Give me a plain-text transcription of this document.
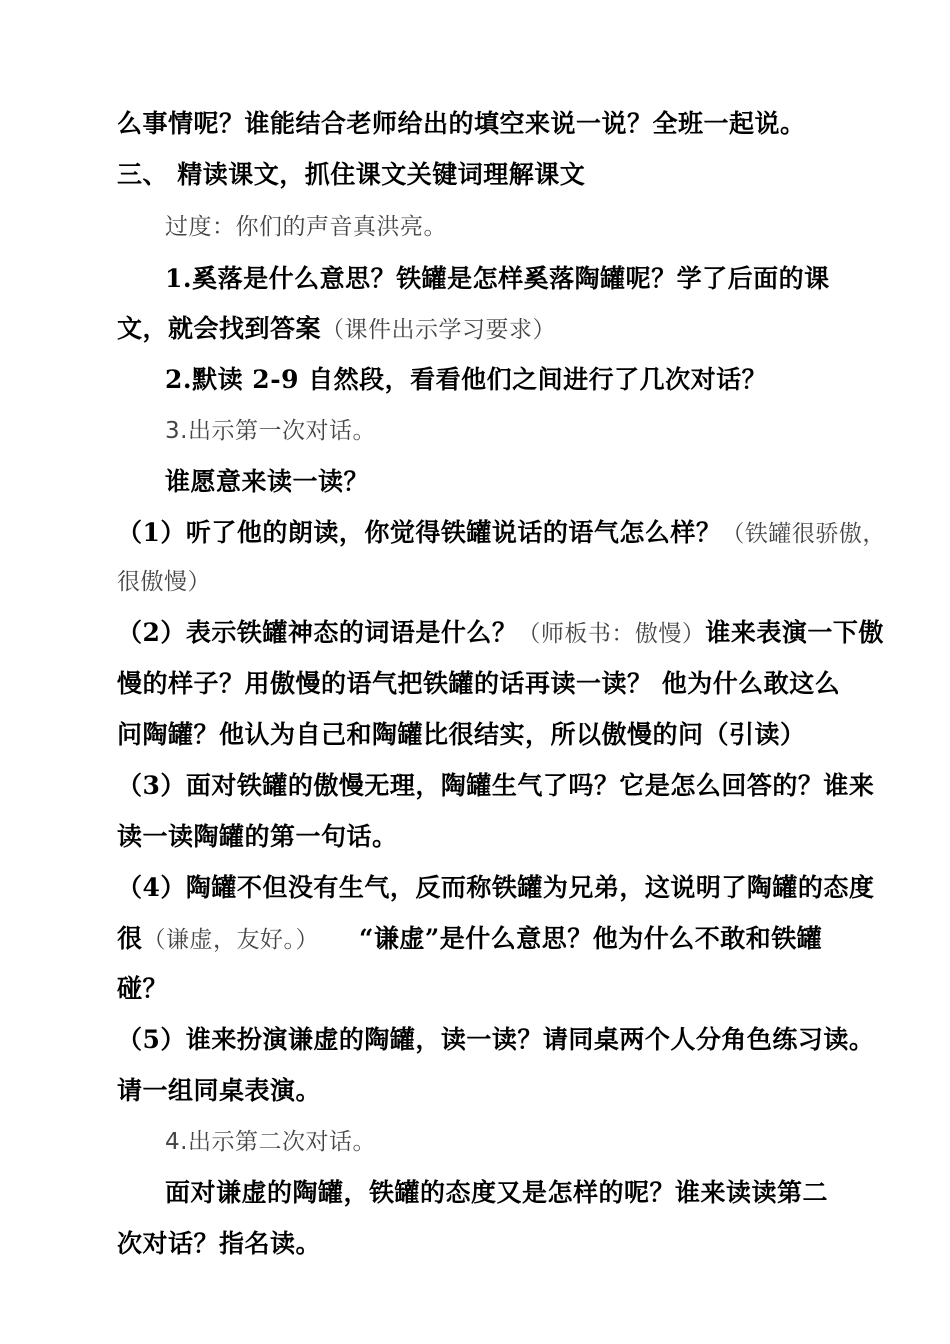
么事情呢？谁能结合老师给出的填空来说一说？全班一起说。
三、 精读课文，抓住课文关键词理解课文
过度：你们的声音真洪亮。
1.奚落是什么意思？铁罐是怎样奚落陶罐呢？学了后面的课
文，就会找到答案（课件出示学习要求）
2.默读 2-9 自然段，看看他们之间进行了几次对话？
3.出示第一次对话。
谁愿意来读一读？
（1）听了他的朗读，你觉得铁罐说话的语气怎么样？（铁罐很骄傲，
很傲慢）
（2）表示铁罐神态的词语是什么？（师板书：傲慢）谁来表演一下傲
慢的样子？用傲慢的语气把铁罐的话再读一读？ 他为什么敢这么
问陶罐？他认为自己和陶罐比很结实，所以傲慢的问（引读）
（3）面对铁罐的傲慢无理，陶罐生气了吗？它是怎么回答的？谁来
读一读陶罐的第一句话。
（4）陶罐不但没有生气，反而称铁罐为兄弟，这说明了陶罐的态度
很（谦虚，友好。） “谦虚”是什么意思？他为什么不敢和铁罐
碰？
（5）谁来扮演谦虚的陶罐，读一读？请同桌两个人分角色练习读。
请一组同桌表演。
4.出示第二次对话。
面对谦虚的陶罐，铁罐的态度又是怎样的呢？谁来读读第二
次对话？指名读。
